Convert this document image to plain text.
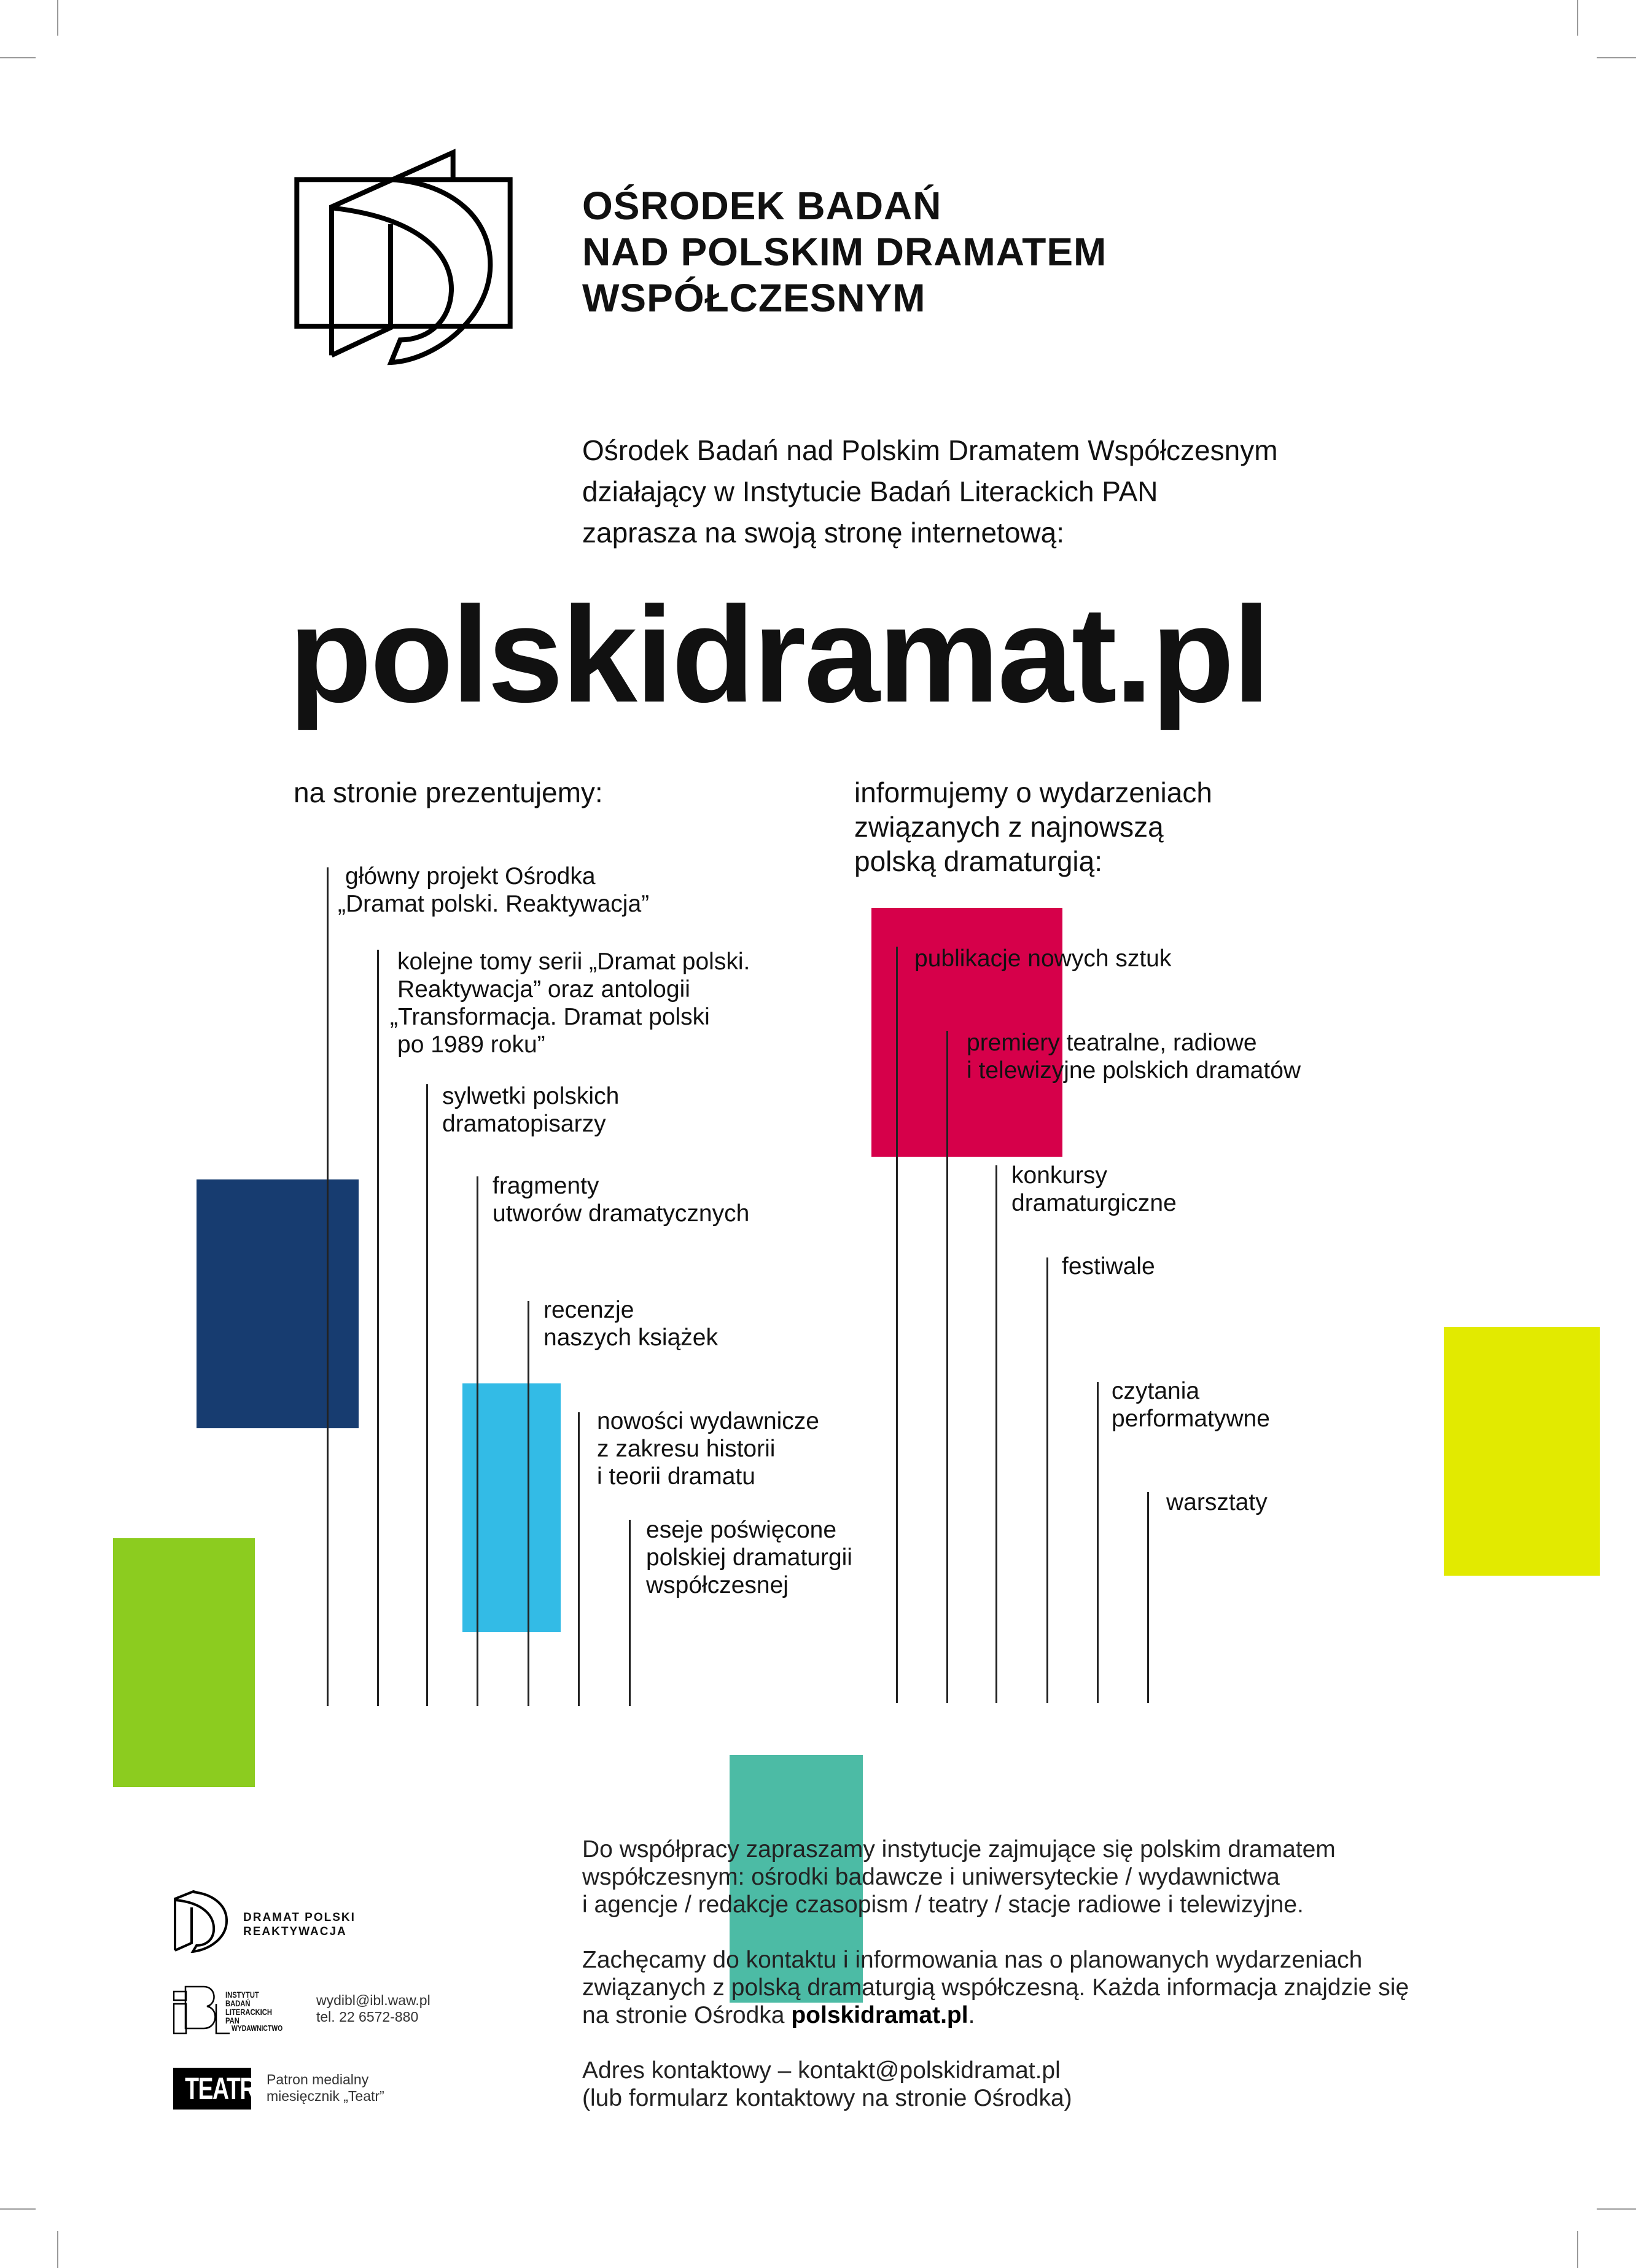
OŚRODEK BADAŃ
NAD POLSKIM DRAMATEM
WSPÓŁCZESNYM
Ośrodek Badań nad Polskim Dramatem Współczesnym
działający w Instytucie Badań Literackich PAN
zaprasza na swoją stronę internetową:
polskidramat.pl
na stronie prezentujemy:	informujemy o wydarzeniach
związanych z najnowszą
polską dramaturgią:
główny projekt Ośrodka
„Dramat polski. Reaktywacja”
kolejne tomy serii „Dramat polski.
Reaktywacja” oraz antologii
„Transformacja. Dramat polski
po 1989 roku”
sylwetki polskich
dramatopisarzy
fragmenty
utworów dramatycznych
recenzje
naszych książek
nowości wydawnicze
z zakresu historii
i teorii dramatu
eseje poświęcone
polskiej dramaturgii
współczesnej
publikacje nowych sztuk
premiery teatralne, radiowe
i telewizyjne polskich dramatów
konkursy
dramaturgiczne
festiwale
czytania
performatywne
warsztaty

Do współpracy zapraszamy instytucje zajmujące się polskim dramatem
współczesnym: ośrodki badawcze i uniwersyteckie / wydawnictwa
i agencje / redakcje czasopism / teatry / stacje radiowe i telewizyjne.

Zachęcamy do kontaktu i informowania nas o planowanych wydarzeniach
związanych z polską dramaturgią współczesną. Każda informacja znajdzie się
na stronie Ośrodka polskidramat.pl.

Adres kontaktowy – kontakt@polskidramat.pl
(lub formularz kontaktowy na stronie Ośrodka)

DRAMAT POLSKI
REAKTYWACJA
INSTYTUT BADAŃ
LITERACKICH PAN
WYDAWNICTWO
wydibl@ibl.waw.pl
tel. 22 6572-880
TEATR Patron medialny
miesięcznik „Teatr”
